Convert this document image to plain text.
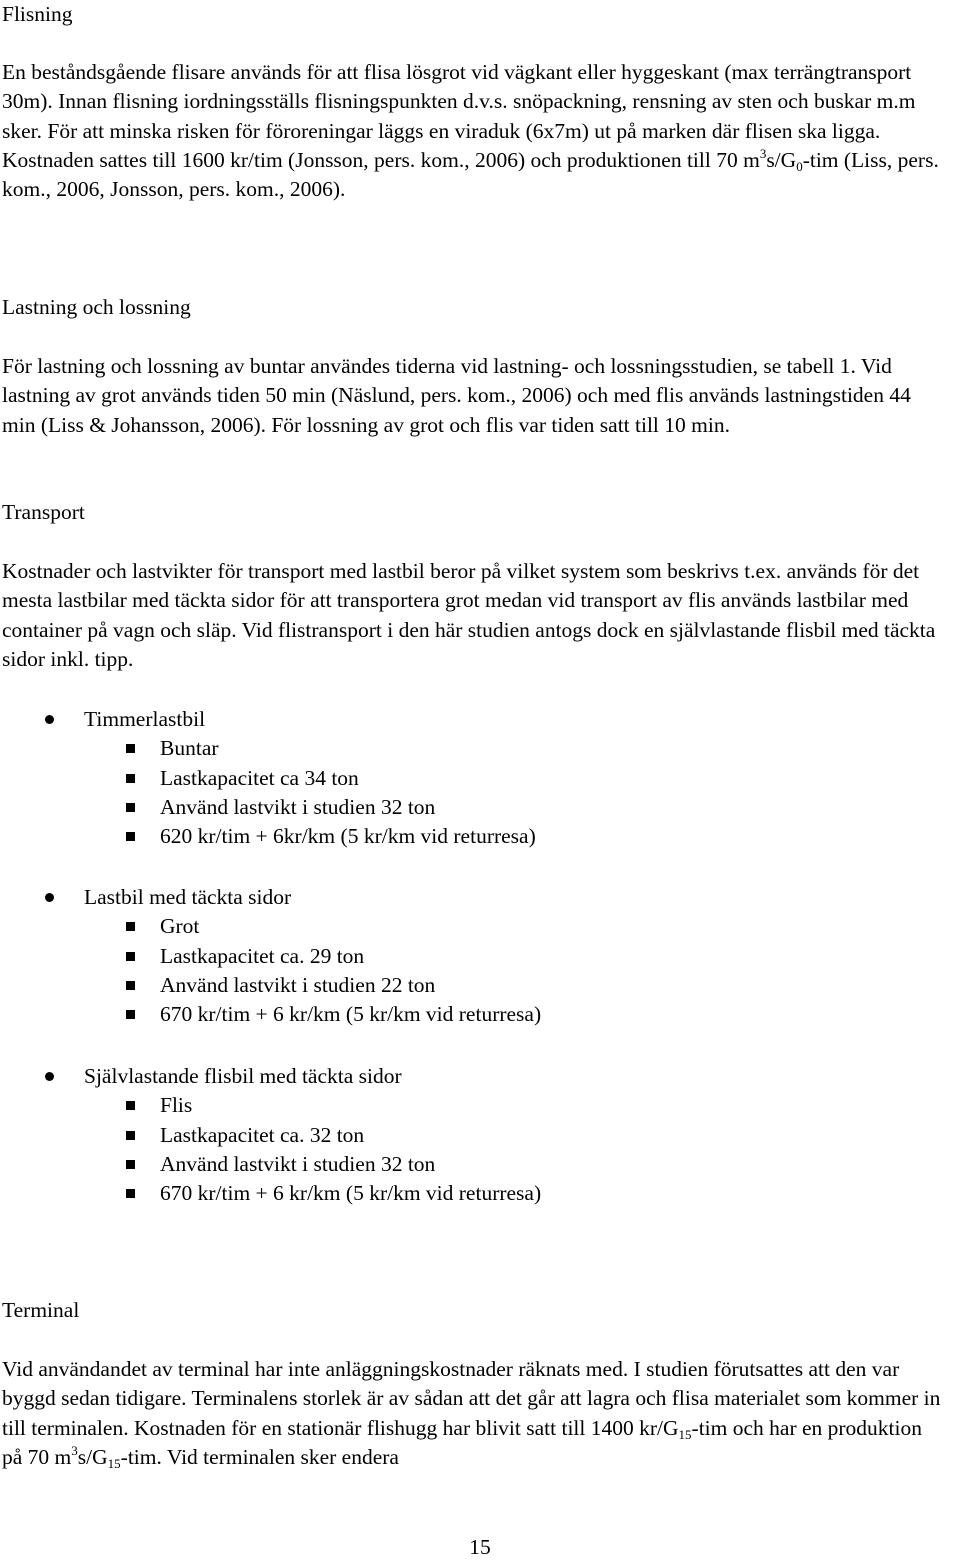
Flisning

En beståndsgående flisare används för att flisa lösgrot vid vägkant eller hyggeskant (max terrängtransport 30m). Innan flisning iordningsställs flisningspunkten d.v.s. snöpackning, rensning av sten och buskar m.m sker. För att minska risken för föroreningar läggs en viraduk (6x7m) ut på marken där flisen ska ligga. Kostnaden sattes till 1600 kr/tim (Jonsson, pers. kom., 2006) och produktionen till 70 $m^3s/G_0$-tim (Liss, pers. kom., 2006, Jonsson, pers. kom., 2006).

Lastning och lossning

För lastning och lossning av buntar användes tiderna vid lastning- och lossningsstudien, se tabell 1. Vid lastning av grot används tiden 50 min (Näslund, pers. kom., 2006) och med flis används lastningstiden 44 min (Liss & Johansson, 2006). För lossning av grot och flis var tiden satt till 10 min.

Transport

Kostnader och lastvikter för transport med lastbil beror på vilket system som beskrivs t.ex. används för det mesta lastbilar med täckta sidor för att transportera grot medan vid transport av flis används lastbilar med container på vagn och släp. Vid flistransport i den här studien antogs dock en självlastande flisbil med täckta sidor inkl. tipp.

Timmerlastbil
Buntar
Lastkapacitet ca 34 ton
Använd lastvikt i studien 32 ton
620 kr/tim + 6kr/km (5 kr/km vid returresa)
Lastbil med täckta sidor
Grot
Lastkapacitet ca. 29 ton
Använd lastvikt i studien 22 ton
670 kr/tim + 6 kr/km (5 kr/km vid returresa)
Självlastande flisbil med täckta sidor
Flis
Lastkapacitet ca. 32 ton
Använd lastvikt i studien 32 ton
670 kr/tim + 6 kr/km (5 kr/km vid returresa)
Terminal

Vid användandet av terminal har inte anläggningskostnader räknats med. I studien förutsattes att den var byggd sedan tidigare. Terminalens storlek är av sådan att det går att lagra och flisa materialet som kommer in till terminalen. Kostnaden för en stationär flishugg har blivit satt till 1400 $kr/G_{15}$-tim och har en produktion på 70 $m^3s/G_{15}$-tim. Vid terminalen sker endera

15
